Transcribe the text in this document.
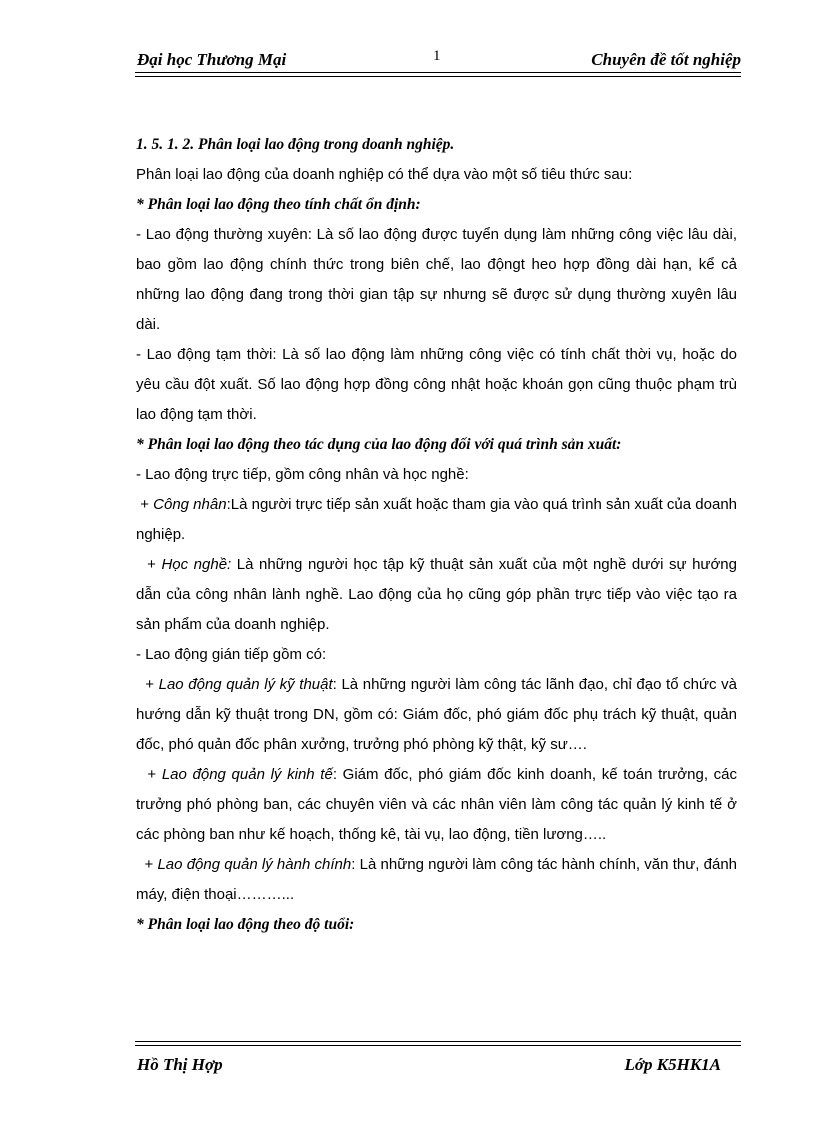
Đại học Thương Mại	1	Chuyên đề tốt nghiệp

1. 5. 1. 2. Phân loại lao động trong doanh nghiệp.

Phân loại lao động của doanh nghiệp có thể dựa vào một số tiêu thức sau:

* Phân loại lao động theo tính chất ổn định:

- Lao động thường xuyên: Là số lao động được tuyển dụng làm những công việc lâu dài, bao gồm lao động chính thức trong biên chế, lao độngt heo hợp đồng dài hạn, kể cả những lao động đang trong thời gian tập sự nhưng sẽ được sử dụng thường xuyên lâu dài.

- Lao động tạm thời: Là số lao động làm những công việc có tính chất thời vụ, hoặc do yêu cầu đột xuất. Số lao động hợp đồng công nhật hoặc khoán gọn cũng thuộc phạm trù lao động tạm thời.

* Phân loại lao động theo tác dụng của lao động đối với quá trình sản xuất:

- Lao động trực tiếp, gồm công nhân và học nghề:

+ Công nhân:Là người trực tiếp sản xuất hoặc tham gia vào quá trình sản xuất của doanh nghiệp.

+ Học nghề: Là những người học tập kỹ thuật sản xuất của một nghề dưới sự hướng dẫn của công nhân lành nghề. Lao động của họ cũng góp phần trực tiếp vào việc tạo ra sản phẩm của doanh nghiệp.

- Lao động gián tiếp gồm có:

+ Lao động quản lý kỹ thuật: Là những người làm công tác lãnh đạo, chỉ đạo tổ chức và hướng dẫn kỹ thuật trong DN, gồm có: Giám đốc, phó giám đốc phụ trách kỹ thuật, quản đốc, phó quản đốc phân xưởng, trưởng phó phòng kỹ thật, kỹ sư….

+ Lao động quản lý kinh tế: Giám đốc, phó giám đốc kinh doanh, kế toán trưởng, các trưởng phó phòng ban, các chuyên viên và các nhân viên làm công tác quản lý kinh tế ở các phòng ban như kế hoạch, thống kê, tài vụ, lao động, tiền lương…..

+ Lao động quản lý hành chính: Là những người làm công tác hành chính, văn thư, đánh máy, điện thoại………...

* Phân loại lao động theo độ tuổi:

Hồ Thị Hợp	Lớp K5HK1A
